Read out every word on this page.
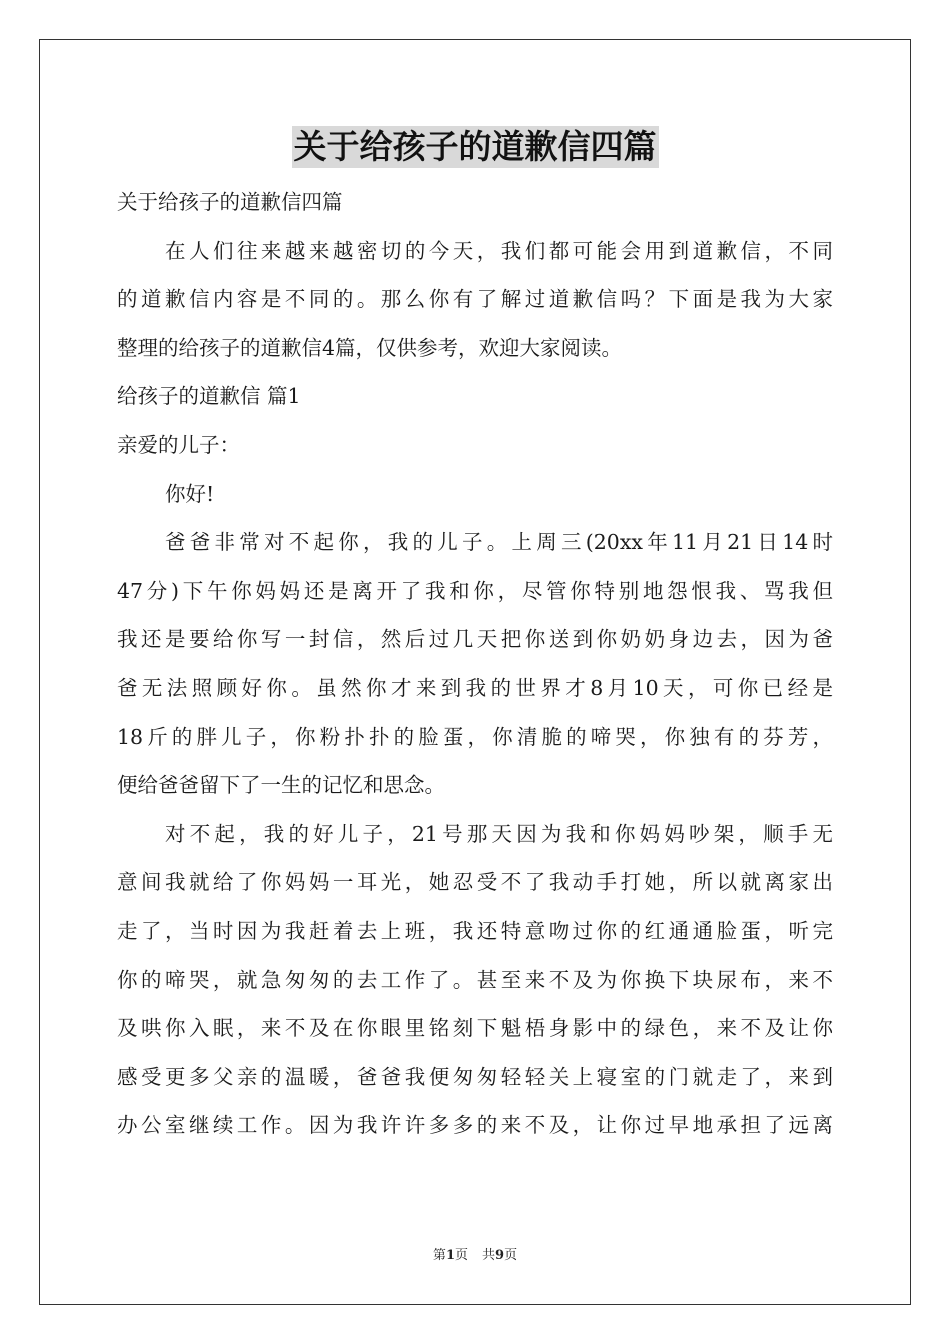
关于给孩子的道歉信四篇
关于给孩子的道歉信四篇
在人们往来越来越密切的今天，我们都可能会用到道歉信，不同
的道歉信内容是不同的。那么你有了解过道歉信吗？下面是我为大家
整理的给孩子的道歉信4篇，仅供参考，欢迎大家阅读。
给孩子的道歉信 篇1
亲爱的儿子：
你好!
爸爸非常对不起你，我的儿子。上周三(20xx年11月21日14时
47分)下午你妈妈还是离开了我和你，尽管你特别地怨恨我、骂我但
我还是要给你写一封信，然后过几天把你送到你奶奶身边去，因为爸
爸无法照顾好你。虽然你才来到我的世界才8月10天，可你已经是
18斤的胖儿子，你粉扑扑的脸蛋，你清脆的啼哭，你独有的芬芳，
便给爸爸留下了一生的记忆和思念。
对不起，我的好儿子，21号那天因为我和你妈妈吵架，顺手无
意间我就给了你妈妈一耳光，她忍受不了我动手打她，所以就离家出
走了，当时因为我赶着去上班，我还特意吻过你的红通通脸蛋，听完
你的啼哭，就急匆匆的去工作了。甚至来不及为你换下块尿布，来不
及哄你入眠，来不及在你眼里铭刻下魁梧身影中的绿色，来不及让你
感受更多父亲的温暖，爸爸我便匆匆轻轻关上寝室的门就走了，来到
办公室继续工作。因为我许许多多的来不及，让你过早地承担了远离
第1页 共9页
